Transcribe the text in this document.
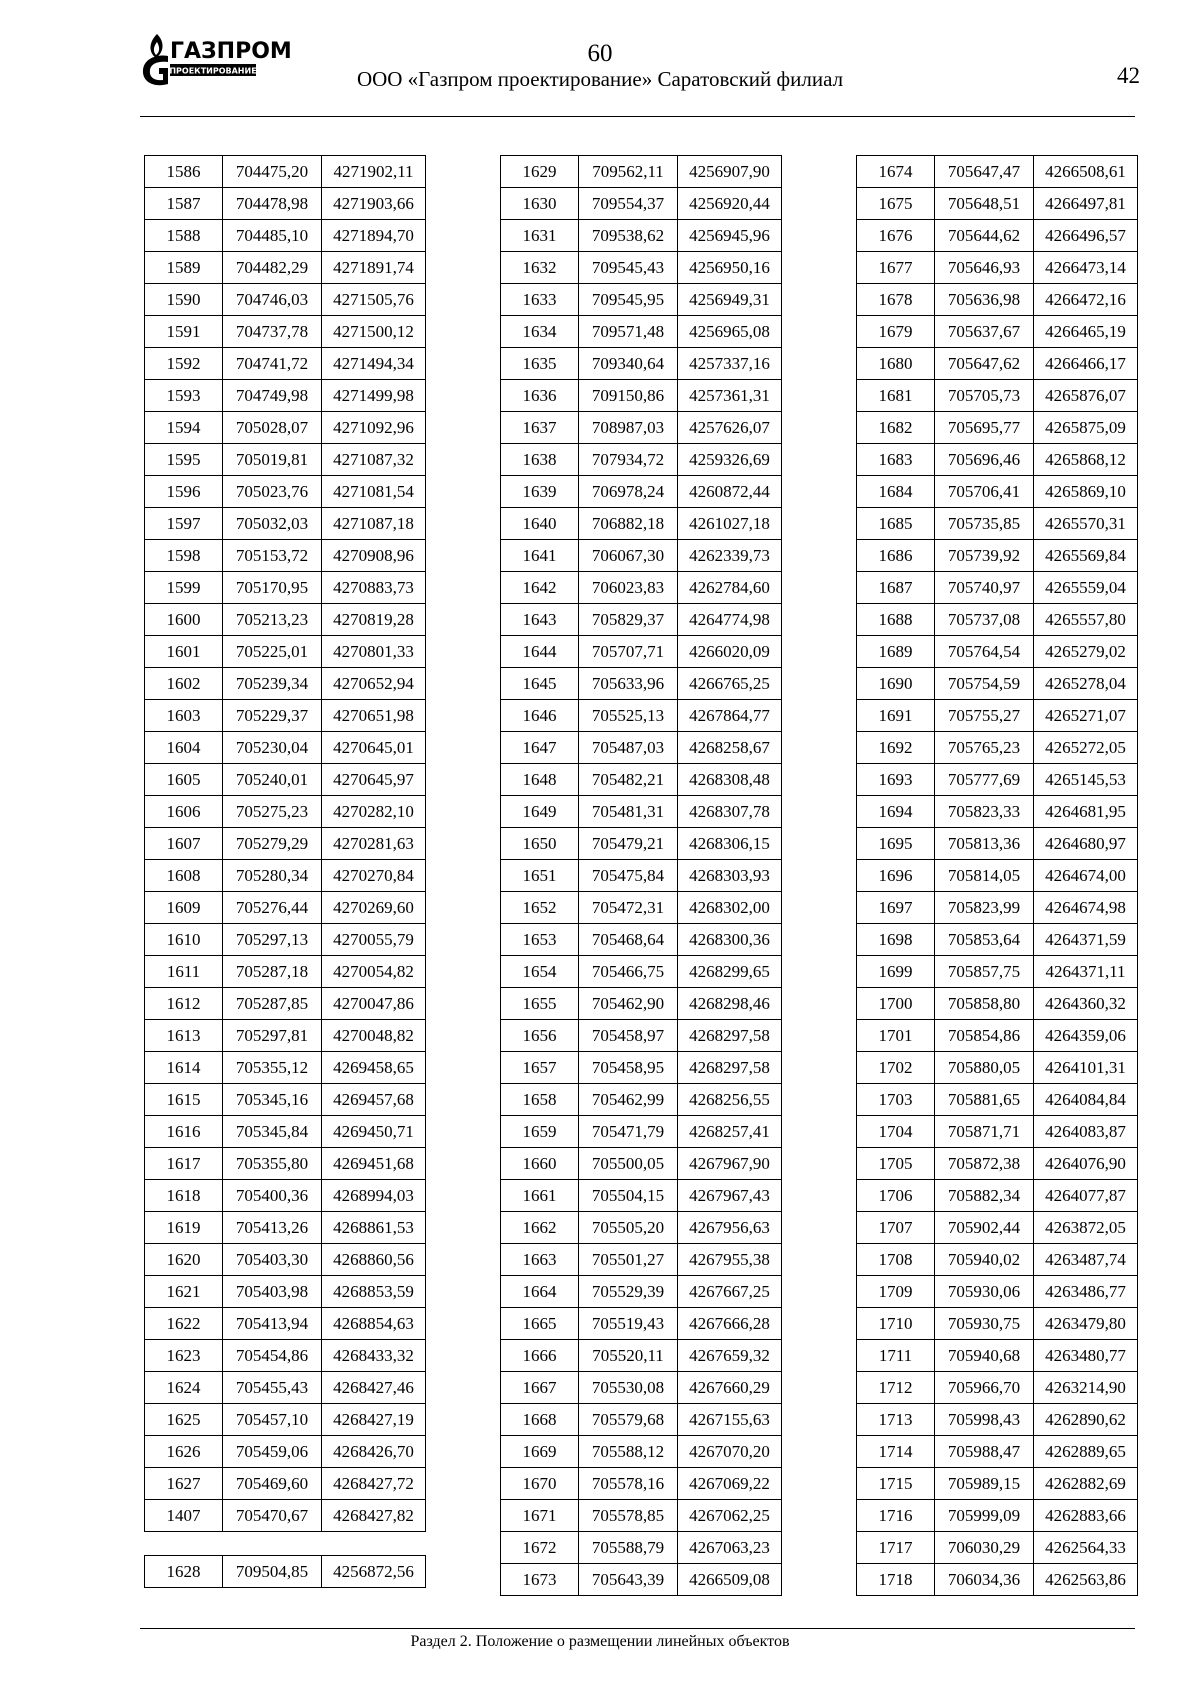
ГАЗПРОМ
ПРОЕКТИРОВАНИЕ
60
ООО «Газпром проектирование» Саратовский филиал	42
1586	704475,20	4271902,11
1587	704478,98	4271903,66
1588	704485,10	4271894,70
1589	704482,29	4271891,74
1590	704746,03	4271505,76
1591	704737,78	4271500,12
1592	704741,72	4271494,34
1593	704749,98	4271499,98
1594	705028,07	4271092,96
1595	705019,81	4271087,32
1596	705023,76	4271081,54
1597	705032,03	4271087,18
1598	705153,72	4270908,96
1599	705170,95	4270883,73
1600	705213,23	4270819,28
1601	705225,01	4270801,33
1602	705239,34	4270652,94
1603	705229,37	4270651,98
1604	705230,04	4270645,01
1605	705240,01	4270645,97
1606	705275,23	4270282,10
1607	705279,29	4270281,63
1608	705280,34	4270270,84
1609	705276,44	4270269,60
1610	705297,13	4270055,79
1611	705287,18	4270054,82
1612	705287,85	4270047,86
1613	705297,81	4270048,82
1614	705355,12	4269458,65
1615	705345,16	4269457,68
1616	705345,84	4269450,71
1617	705355,80	4269451,68
1618	705400,36	4268994,03
1619	705413,26	4268861,53
1620	705403,30	4268860,56
1621	705403,98	4268853,59
1622	705413,94	4268854,63
1623	705454,86	4268433,32
1624	705455,43	4268427,46
1625	705457,10	4268427,19
1626	705459,06	4268426,70
1627	705469,60	4268427,72
1407	705470,67	4268427,82
1628	709504,85	4256872,56
1629	709562,11	4256907,90
1630	709554,37	4256920,44
1631	709538,62	4256945,96
1632	709545,43	4256950,16
1633	709545,95	4256949,31
1634	709571,48	4256965,08
1635	709340,64	4257337,16
1636	709150,86	4257361,31
1637	708987,03	4257626,07
1638	707934,72	4259326,69
1639	706978,24	4260872,44
1640	706882,18	4261027,18
1641	706067,30	4262339,73
1642	706023,83	4262784,60
1643	705829,37	4264774,98
1644	705707,71	4266020,09
1645	705633,96	4266765,25
1646	705525,13	4267864,77
1647	705487,03	4268258,67
1648	705482,21	4268308,48
1649	705481,31	4268307,78
1650	705479,21	4268306,15
1651	705475,84	4268303,93
1652	705472,31	4268302,00
1653	705468,64	4268300,36
1654	705466,75	4268299,65
1655	705462,90	4268298,46
1656	705458,97	4268297,58
1657	705458,95	4268297,58
1658	705462,99	4268256,55
1659	705471,79	4268257,41
1660	705500,05	4267967,90
1661	705504,15	4267967,43
1662	705505,20	4267956,63
1663	705501,27	4267955,38
1664	705529,39	4267667,25
1665	705519,43	4267666,28
1666	705520,11	4267659,32
1667	705530,08	4267660,29
1668	705579,68	4267155,63
1669	705588,12	4267070,20
1670	705578,16	4267069,22
1671	705578,85	4267062,25
1672	705588,79	4267063,23
1673	705643,39	4266509,08
1674	705647,47	4266508,61
1675	705648,51	4266497,81
1676	705644,62	4266496,57
1677	705646,93	4266473,14
1678	705636,98	4266472,16
1679	705637,67	4266465,19
1680	705647,62	4266466,17
1681	705705,73	4265876,07
1682	705695,77	4265875,09
1683	705696,46	4265868,12
1684	705706,41	4265869,10
1685	705735,85	4265570,31
1686	705739,92	4265569,84
1687	705740,97	4265559,04
1688	705737,08	4265557,80
1689	705764,54	4265279,02
1690	705754,59	4265278,04
1691	705755,27	4265271,07
1692	705765,23	4265272,05
1693	705777,69	4265145,53
1694	705823,33	4264681,95
1695	705813,36	4264680,97
1696	705814,05	4264674,00
1697	705823,99	4264674,98
1698	705853,64	4264371,59
1699	705857,75	4264371,11
1700	705858,80	4264360,32
1701	705854,86	4264359,06
1702	705880,05	4264101,31
1703	705881,65	4264084,84
1704	705871,71	4264083,87
1705	705872,38	4264076,90
1706	705882,34	4264077,87
1707	705902,44	4263872,05
1708	705940,02	4263487,74
1709	705930,06	4263486,77
1710	705930,75	4263479,80
1711	705940,68	4263480,77
1712	705966,70	4263214,90
1713	705998,43	4262890,62
1714	705988,47	4262889,65
1715	705989,15	4262882,69
1716	705999,09	4262883,66
1717	706030,29	4262564,33
1718	706034,36	4262563,86
Раздел 2. Положение о размещении линейных объектов
